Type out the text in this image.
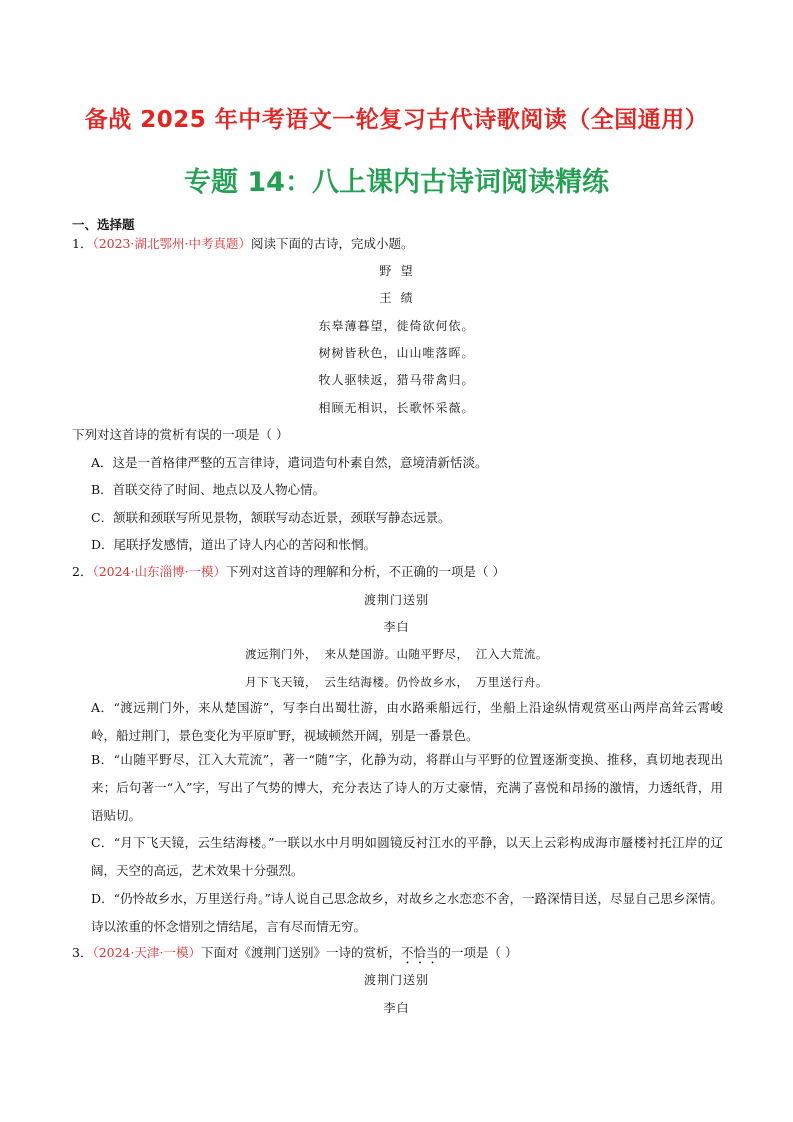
备战 2025 年中考语文一轮复习古代诗歌阅读（全国通用）
专题 14：八上课内古诗词阅读精练
一、选择题
1．（2023·湖北鄂州·中考真题）阅读下面的古诗，完成小题。
野 望
王 绩
东皋薄暮望，徙倚欲何依。
树树皆秋色，山山唯落晖。
牧人驱犊返，猎马带禽归。
相顾无相识，长歌怀采薇。
下列对这首诗的赏析有误的一项是（ ）
A．这是一首格律严整的五言律诗，遣词造句朴素自然，意境清新恬淡。
B．首联交待了时间、地点以及人物心情。
C．颔联和颈联写所见景物，颔联写动态近景，颈联写静态远景。
D．尾联抒发感情，道出了诗人内心的苦闷和怅惘。
2．（2024·山东淄博·一模）下列对这首诗的理解和分析，不正确的一项是（ ）
渡荆门送别
李白
渡远荆门外， 来从楚国游。山随平野尽， 江入大荒流。
月下飞天镜， 云生结海楼。仍怜故乡水， 万里送行舟。
A．“渡远荆门外，来从楚国游”，写李白出蜀壮游，由水路乘船远行，坐船上沿途纵情观赏巫山两岸高耸云霄峻岭，船过荆门，景色变化为平原旷野，视域顿然开阔，别是一番景色。
B．“山随平野尽，江入大荒流”，著一“随”字，化静为动，将群山与平野的位置逐渐变换、推移，真切地表现出来；后句著一“入”字，写出了气势的博大，充分表达了诗人的万丈豪情，充满了喜悦和昂扬的激情，力透纸背，用语贴切。
C．“月下飞天镜，云生结海楼。”一联以水中月明如圆镜反衬江水的平静，以天上云彩构成海市蜃楼衬托江岸的辽阔，天空的高远，艺术效果十分强烈。
D．“仍怜故乡水，万里送行舟。”诗人说自己思念故乡，对故乡之水恋恋不舍，一路深情目送，尽显自己思乡深情。诗以浓重的怀念惜别之情结尾，言有尽而情无穷。
3．（2024·天津·一模）下面对《渡荆门送别》一诗的赏析，不恰当的一项是（ ）
渡荆门送别
李白
